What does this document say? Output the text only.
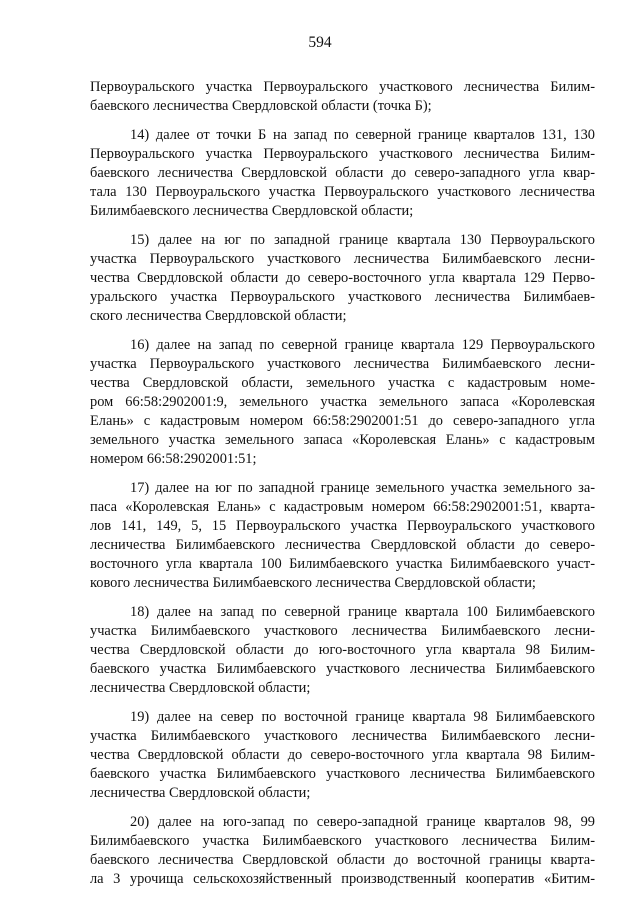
594

Первоуральского участка Первоуральского участкового лесничества Билим-
баевского лесничества Свердловской области (точка Б);

14) далее от точки Б на запад по северной границе кварталов 131, 130
Первоуральского участка Первоуральского участкового лесничества Билим-
баевского лесничества Свердловской области до северо-западного угла квар-
тала 130 Первоуральского участка Первоуральского участкового лесничества
Билимбаевского лесничества Свердловской области;

15) далее на юг по западной границе квартала 130 Первоуральского
участка Первоуральского участкового лесничества Билимбаевского лесни-
чества Свердловской области до северо-восточного угла квартала 129 Перво-
уральского участка Первоуральского участкового лесничества Билимбаев-
ского лесничества Свердловской области;

16) далее на запад по северной границе квартала 129 Первоуральского
участка Первоуральского участкового лесничества Билимбаевского лесни-
чества Свердловской области, земельного участка с кадастровым номе-
ром 66:58:2902001:9, земельного участка земельного запаса «Королевская
Елань» с кадастровым номером 66:58:2902001:51 до северо-западного угла
земельного участка земельного запаса «Королевская Елань» с кадастровым
номером 66:58:2902001:51;

17) далее на юг по западной границе земельного участка земельного за-
паса «Королевская Елань» с кадастровым номером 66:58:2902001:51, кварта-
лов 141, 149, 5, 15 Первоуральского участка Первоуральского участкового
лесничества Билимбаевского лесничества Свердловской области до северо-
восточного угла квартала 100 Билимбаевского участка Билимбаевского участ-
кового лесничества Билимбаевского лесничества Свердловской области;

18) далее на запад по северной границе квартала 100 Билимбаевского
участка Билимбаевского участкового лесничества Билимбаевского лесни-
чества Свердловской области до юго-восточного угла квартала 98 Билим-
баевского участка Билимбаевского участкового лесничества Билимбаевского
лесничества Свердловской области;

19) далее на север по восточной границе квартала 98 Билимбаевского
участка Билимбаевского участкового лесничества Билимбаевского лесни-
чества Свердловской области до северо-восточного угла квартала 98 Билим-
баевского участка Билимбаевского участкового лесничества Билимбаевского
лесничества Свердловской области;

20) далее на юго-запад по северо-западной границе кварталов 98, 99
Билимбаевского участка Билимбаевского участкового лесничества Билим-
баевского лесничества Свердловской области до восточной границы кварта-
ла 3 урочища сельскохозяйственный производственный кооператив «Битим-
